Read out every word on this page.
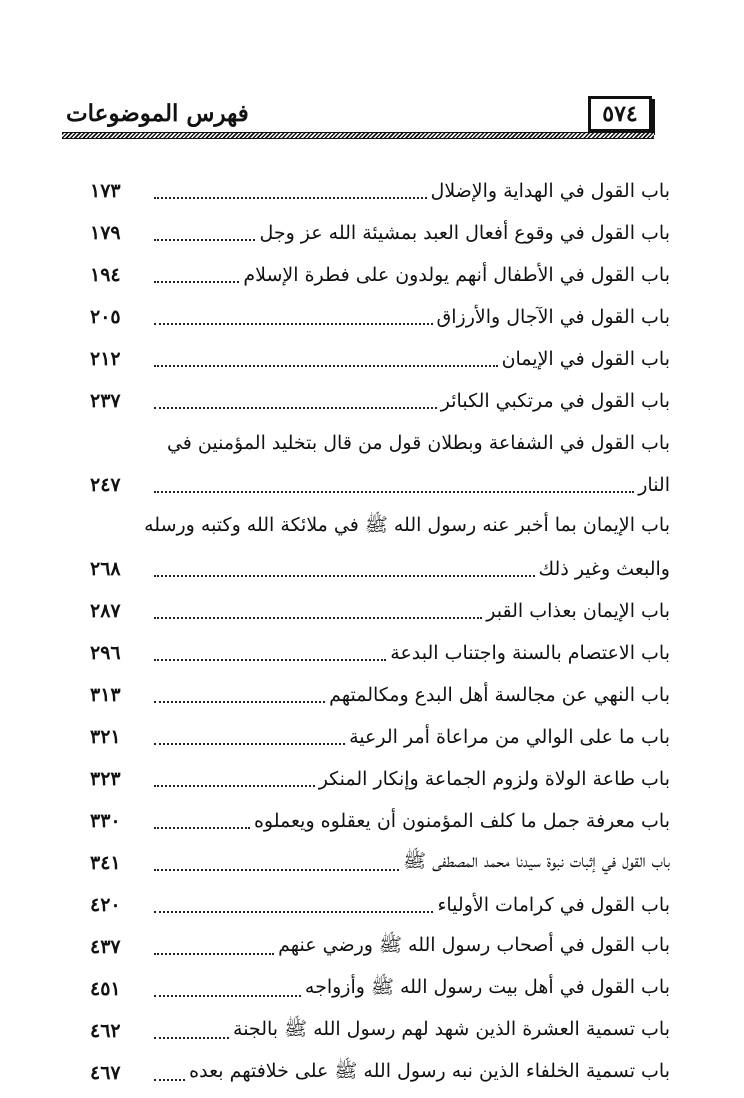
فهرس الموضوعات	٥٧٤
١٧٣	باب القول في الهداية والإضلال
١٧٩	باب القول في وقوع أفعال العبد بمشيئة الله عز وجل
١٩٤	باب القول في الأطفال أنهم يولدون على فطرة الإسلام
٢٠٥	باب القول في الآجال والأرزاق
٢١٢	باب القول في الإيمان
٢٣٧	باب القول في مرتكبي الكبائر
باب القول في الشفاعة وبطلان قول من قال بتخليد المؤمنين في
٢٤٧	النار
باب الإيمان بما أخبر عنه رسول الله ﷺ في ملائكة الله وكتبه ورسله
٢٦٨	والبعث وغير ذلك
٢٨٧	باب الإيمان بعذاب القبر
٢٩٦	باب الاعتصام بالسنة واجتناب البدعة
٣١٣	باب النهي عن مجالسة أهل البدع ومكالمتهم
٣٢١	باب ما على الوالي من مراعاة أمر الرعية
٣٢٣	باب طاعة الولاة ولزوم الجماعة وإنكار المنكر
٣٣٠	باب معرفة جمل ما كلف المؤمنون أن يعقلوه ويعملوه
٣٤١	باب القول في إثبات نبوة سيدنا محمد المصطفى ﷺ
٤٢٠	باب القول في كرامات الأولياء
٤٣٧	باب القول في أصحاب رسول الله ﷺ ورضي عنهم
٤٥١	باب القول في أهل بيت رسول الله ﷺ وأزواجه
٤٦٢	باب تسمية العشرة الذين شهد لهم رسول الله ﷺ بالجنة
٤٦٧	باب تسمية الخلفاء الذين نبه رسول الله ﷺ على خلافتهم بعده
